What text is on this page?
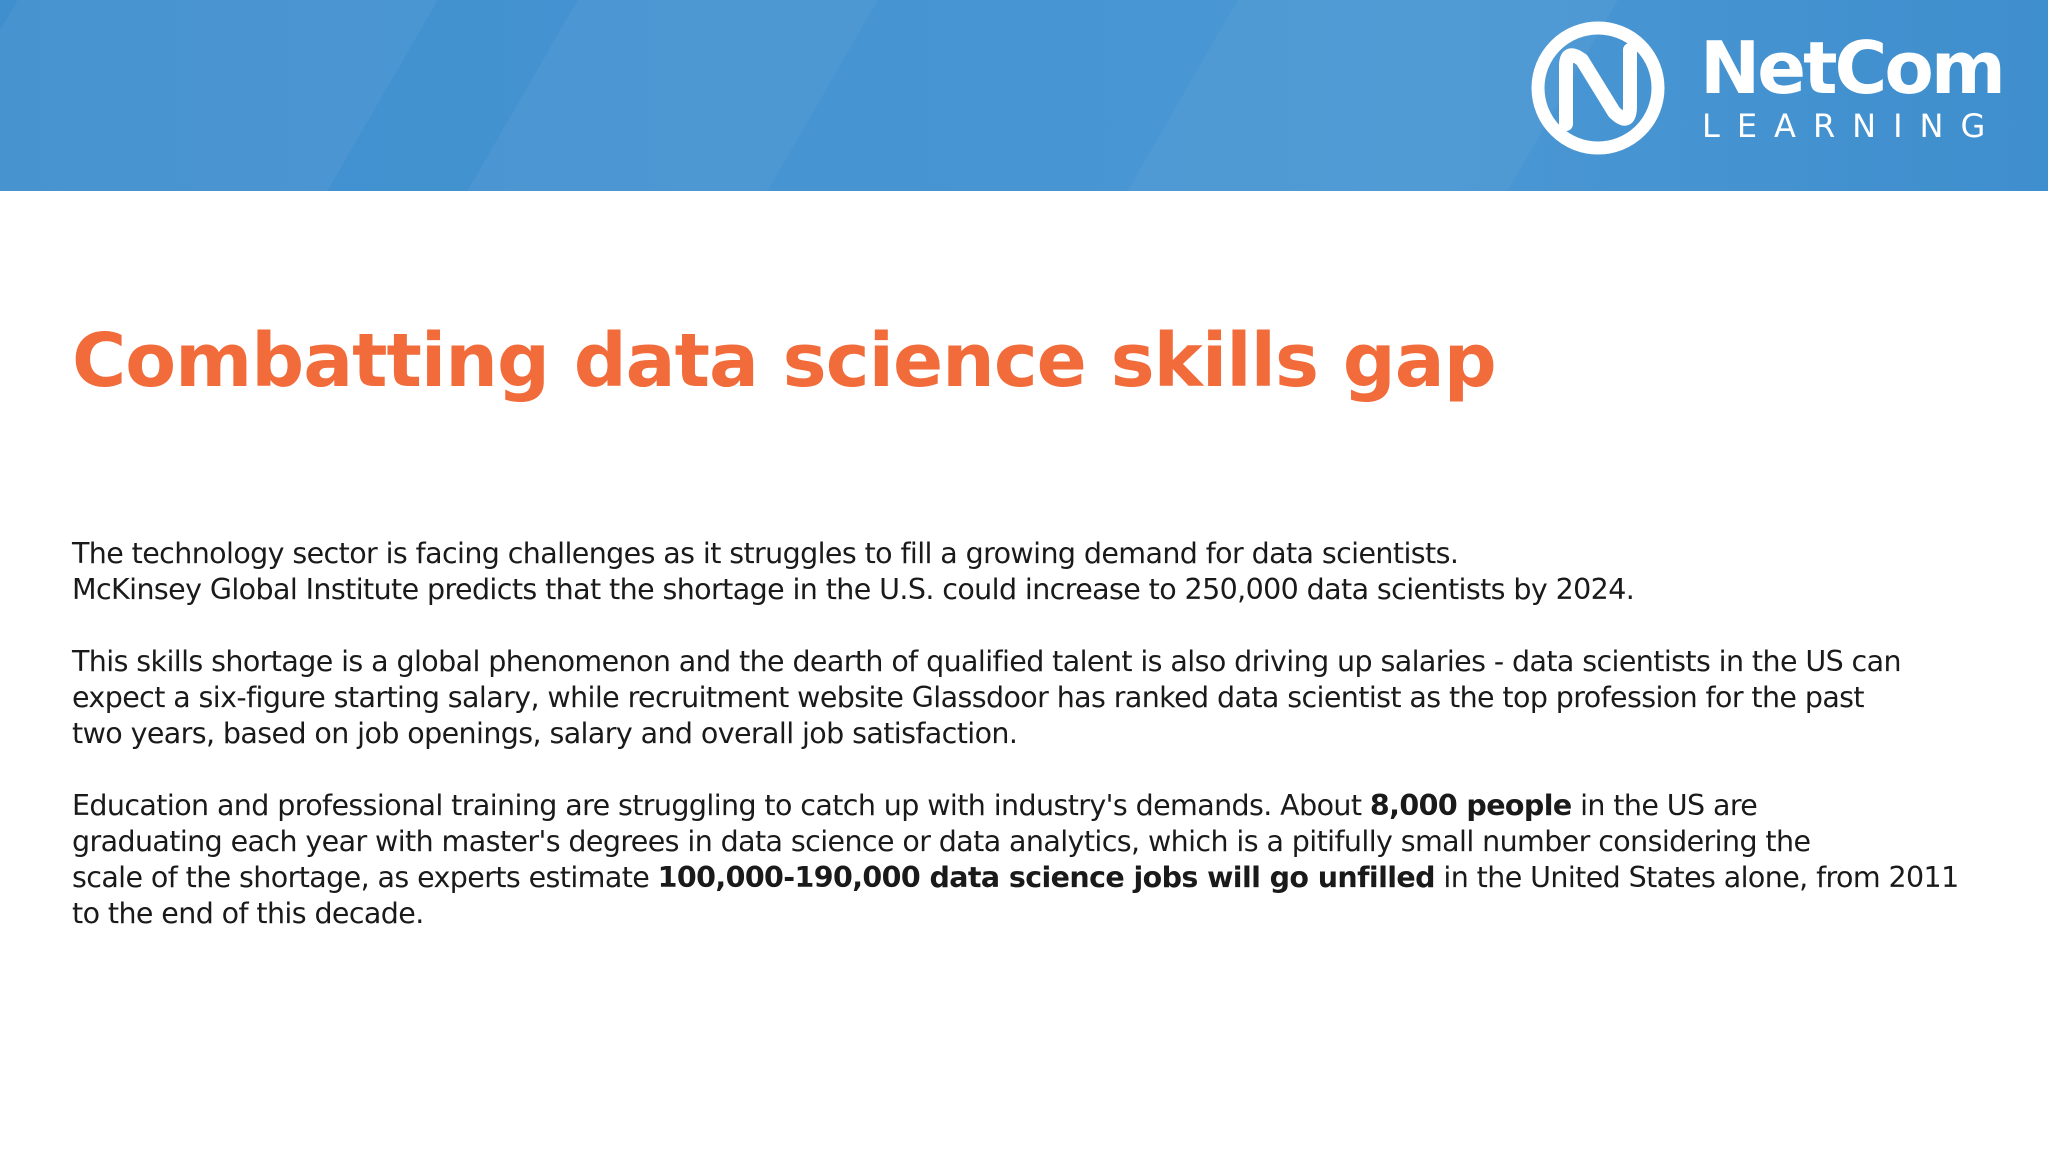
NetCom
LEARNING
Combatting data science skills gap

The technology sector is facing challenges as it struggles to fill a growing demand for data scientists.
McKinsey Global Institute predicts that the shortage in the U.S. could increase to 250,000 data scientists by 2024.

This skills shortage is a global phenomenon and the dearth of qualified talent is also driving up salaries - data scientists in the US can
expect a six-figure starting salary, while recruitment website Glassdoor has ranked data scientist as the top profession for the past
two years, based on job openings, salary and overall job satisfaction.

Education and professional training are struggling to catch up with industry's demands. About 8,000 people in the US are
graduating each year with master's degrees in data science or data analytics, which is a pitifully small number considering the
scale of the shortage, as experts estimate 100,000-190,000 data science jobs will go unfilled in the United States alone, from 2011
to the end of this decade.
